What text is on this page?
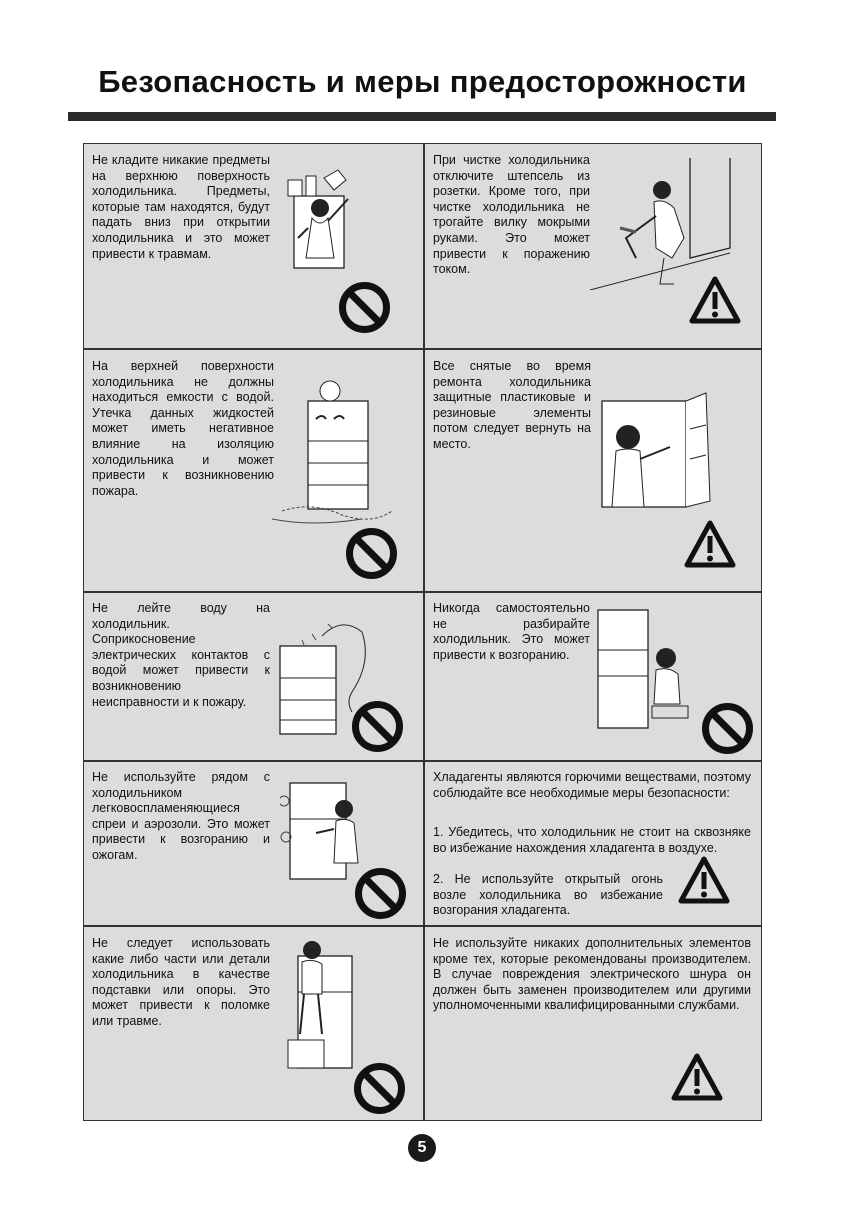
Безопасность и меры предосторожности
Не кладите никакие предметы на верхнюю поверхность холодильника. Предметы, которые там находятся, будут падать вниз при открытии холодильника и это может привести к травмам.
При чистке холодильника отключите штепсель из розетки. Кроме того, при чистке холодильника не трогайте вилку мокрыми руками. Это может привести к поражению током.
На верхней поверхности холодильника не должны находиться емкости с водой. Утечка данных жидкостей может иметь негативное влияние на изоляцию холодильника и может привести к возникновению пожара.
Все снятые во время ремонта холодильника защитные пластиковые и резиновые элементы потом следует вернуть на место.
Не лейте воду на холодильник. Соприкосновение электрических контактов с водой может привести к возникновению неисправности и к пожару.
Никогда самостоятельно не разбирайте холодильник. Это может привести к возгоранию.
Не используйте рядом с холодильником легковоспламеняющиеся спреи и аэрозоли. Это может привести к возгоранию и ожогам.

Хладагенты являются горючими веществами, поэтому соблюдайте все необходимые меры безопасности:

1. Убедитесь, что холодильник не стоит на сквозняке во избежание нахождения хладагента в воздухе.
2. Не используйте открытый огонь возле холодильника во избежание возгорания хладагента.
Не следует использовать какие либо части или детали холодильника в качестве подставки или опоры. Это может привести к поломке или травме.
Не используйте никаких дополнительных элементов кроме тех, которые рекомендованы производителем. В случае повреждения электрического шнура он должен быть заменен производителем или другими уполномоченными квалифицированными службами.
5
